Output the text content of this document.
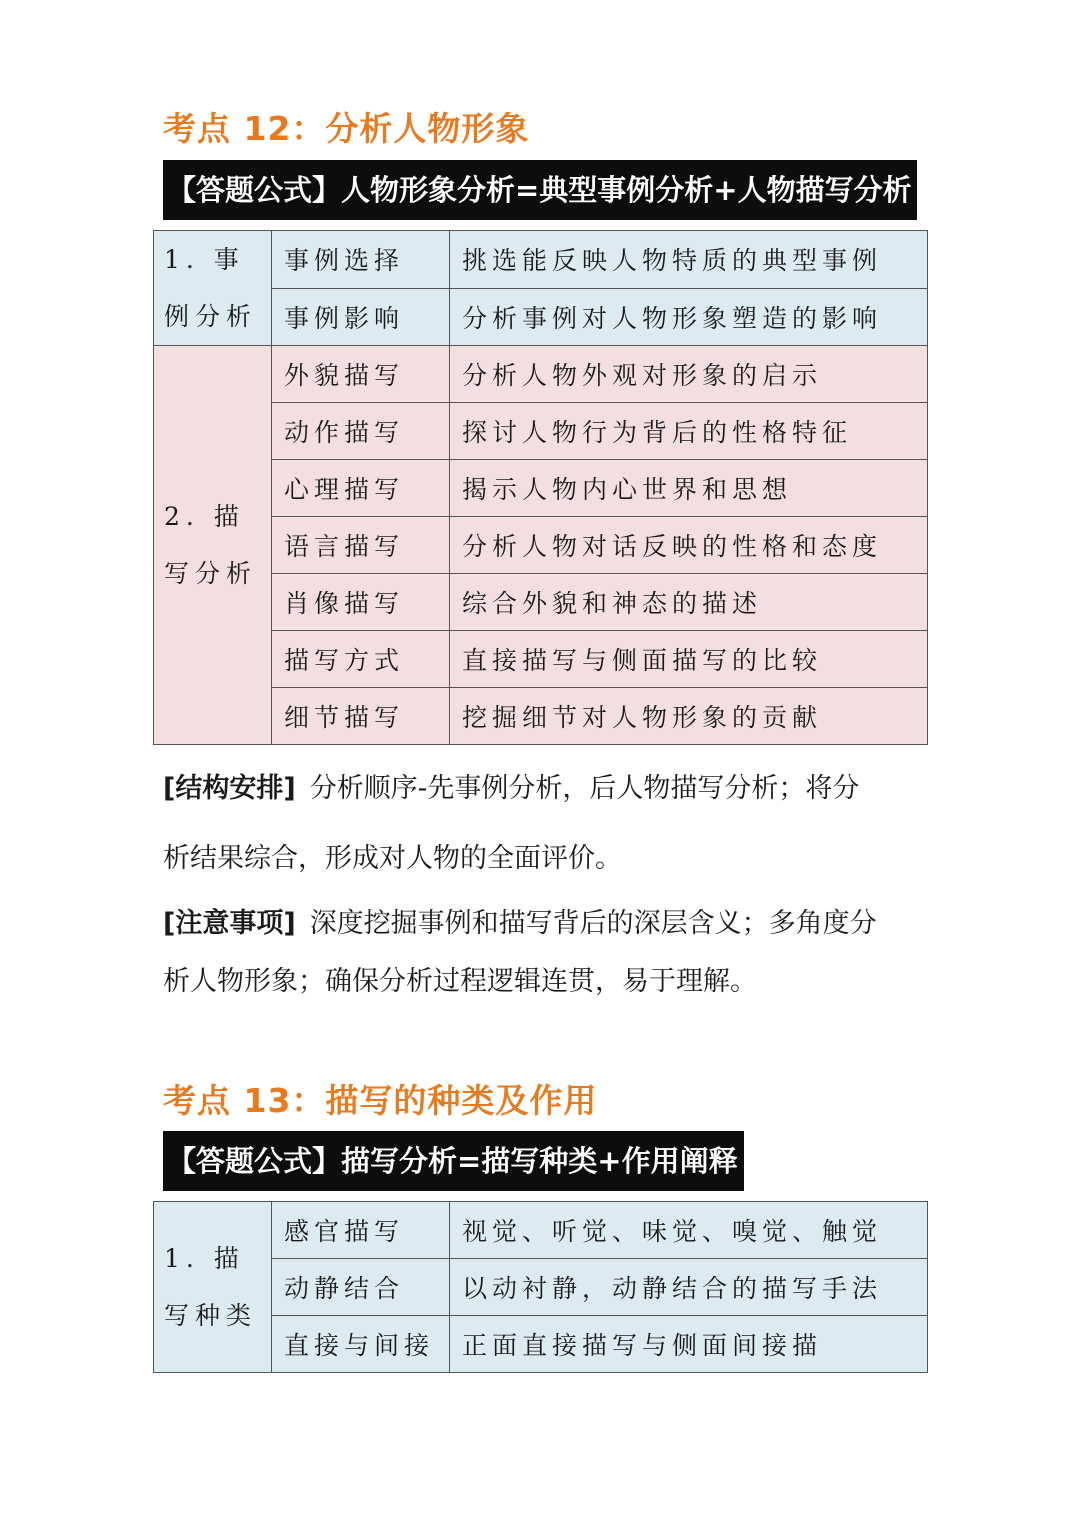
考点 12：分析人物形象
【答题公式】人物形象分析=典型事例分析+人物描写分析
1. 事例分析	事例选择	挑选能反映人物特质的典型事例
	事例影响	分析事例对人物形象塑造的影响
2. 描写分析	外貌描写	分析人物外观对形象的启示
	动作描写	探讨人物行为背后的性格特征
	心理描写	揭示人物内心世界和思想
	语言描写	分析人物对话反映的性格和态度
	肖像描写	综合外貌和神态的描述
	描写方式	直接描写与侧面描写的比较
	细节描写	挖掘细节对人物形象的贡献
[结构安排] 分析顺序-先事例分析，后人物描写分析；将分
析结果综合，形成对人物的全面评价。
[注意事项] 深度挖掘事例和描写背后的深层含义；多角度分
析人物形象；确保分析过程逻辑连贯，易于理解。
考点 13：描写的种类及作用
【答题公式】描写分析=描写种类+作用阐释
1. 描写种类	感官描写	视觉、听觉、味觉、嗅觉、触觉
	动静结合	以动衬静，动静结合的描写手法
	直接与间接	正面直接描写与侧面间接描
